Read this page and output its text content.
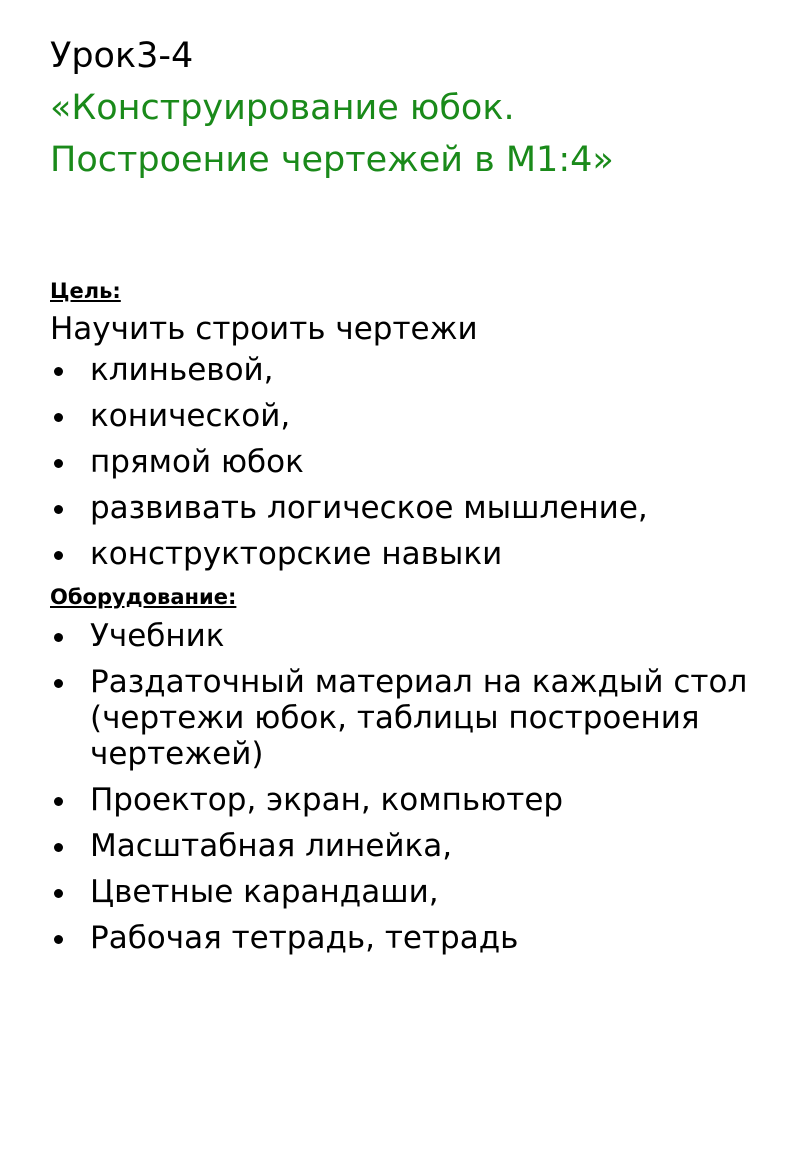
Урок3-4

«Конструирование юбок.

Построение чертежей в М1:4»

Цель:

Научить строить чертежи

клиньевой,
конической,
прямой юбок
развивать логическое мышление,
конструкторские навыки

Оборудование:

Учебник
Раздаточный материал на каждый стол (чертежи юбок, таблицы построения чертежей)
Проектор, экран, компьютер
Масштабная линейка,
Цветные карандаши,
Рабочая тетрадь, тетрадь
